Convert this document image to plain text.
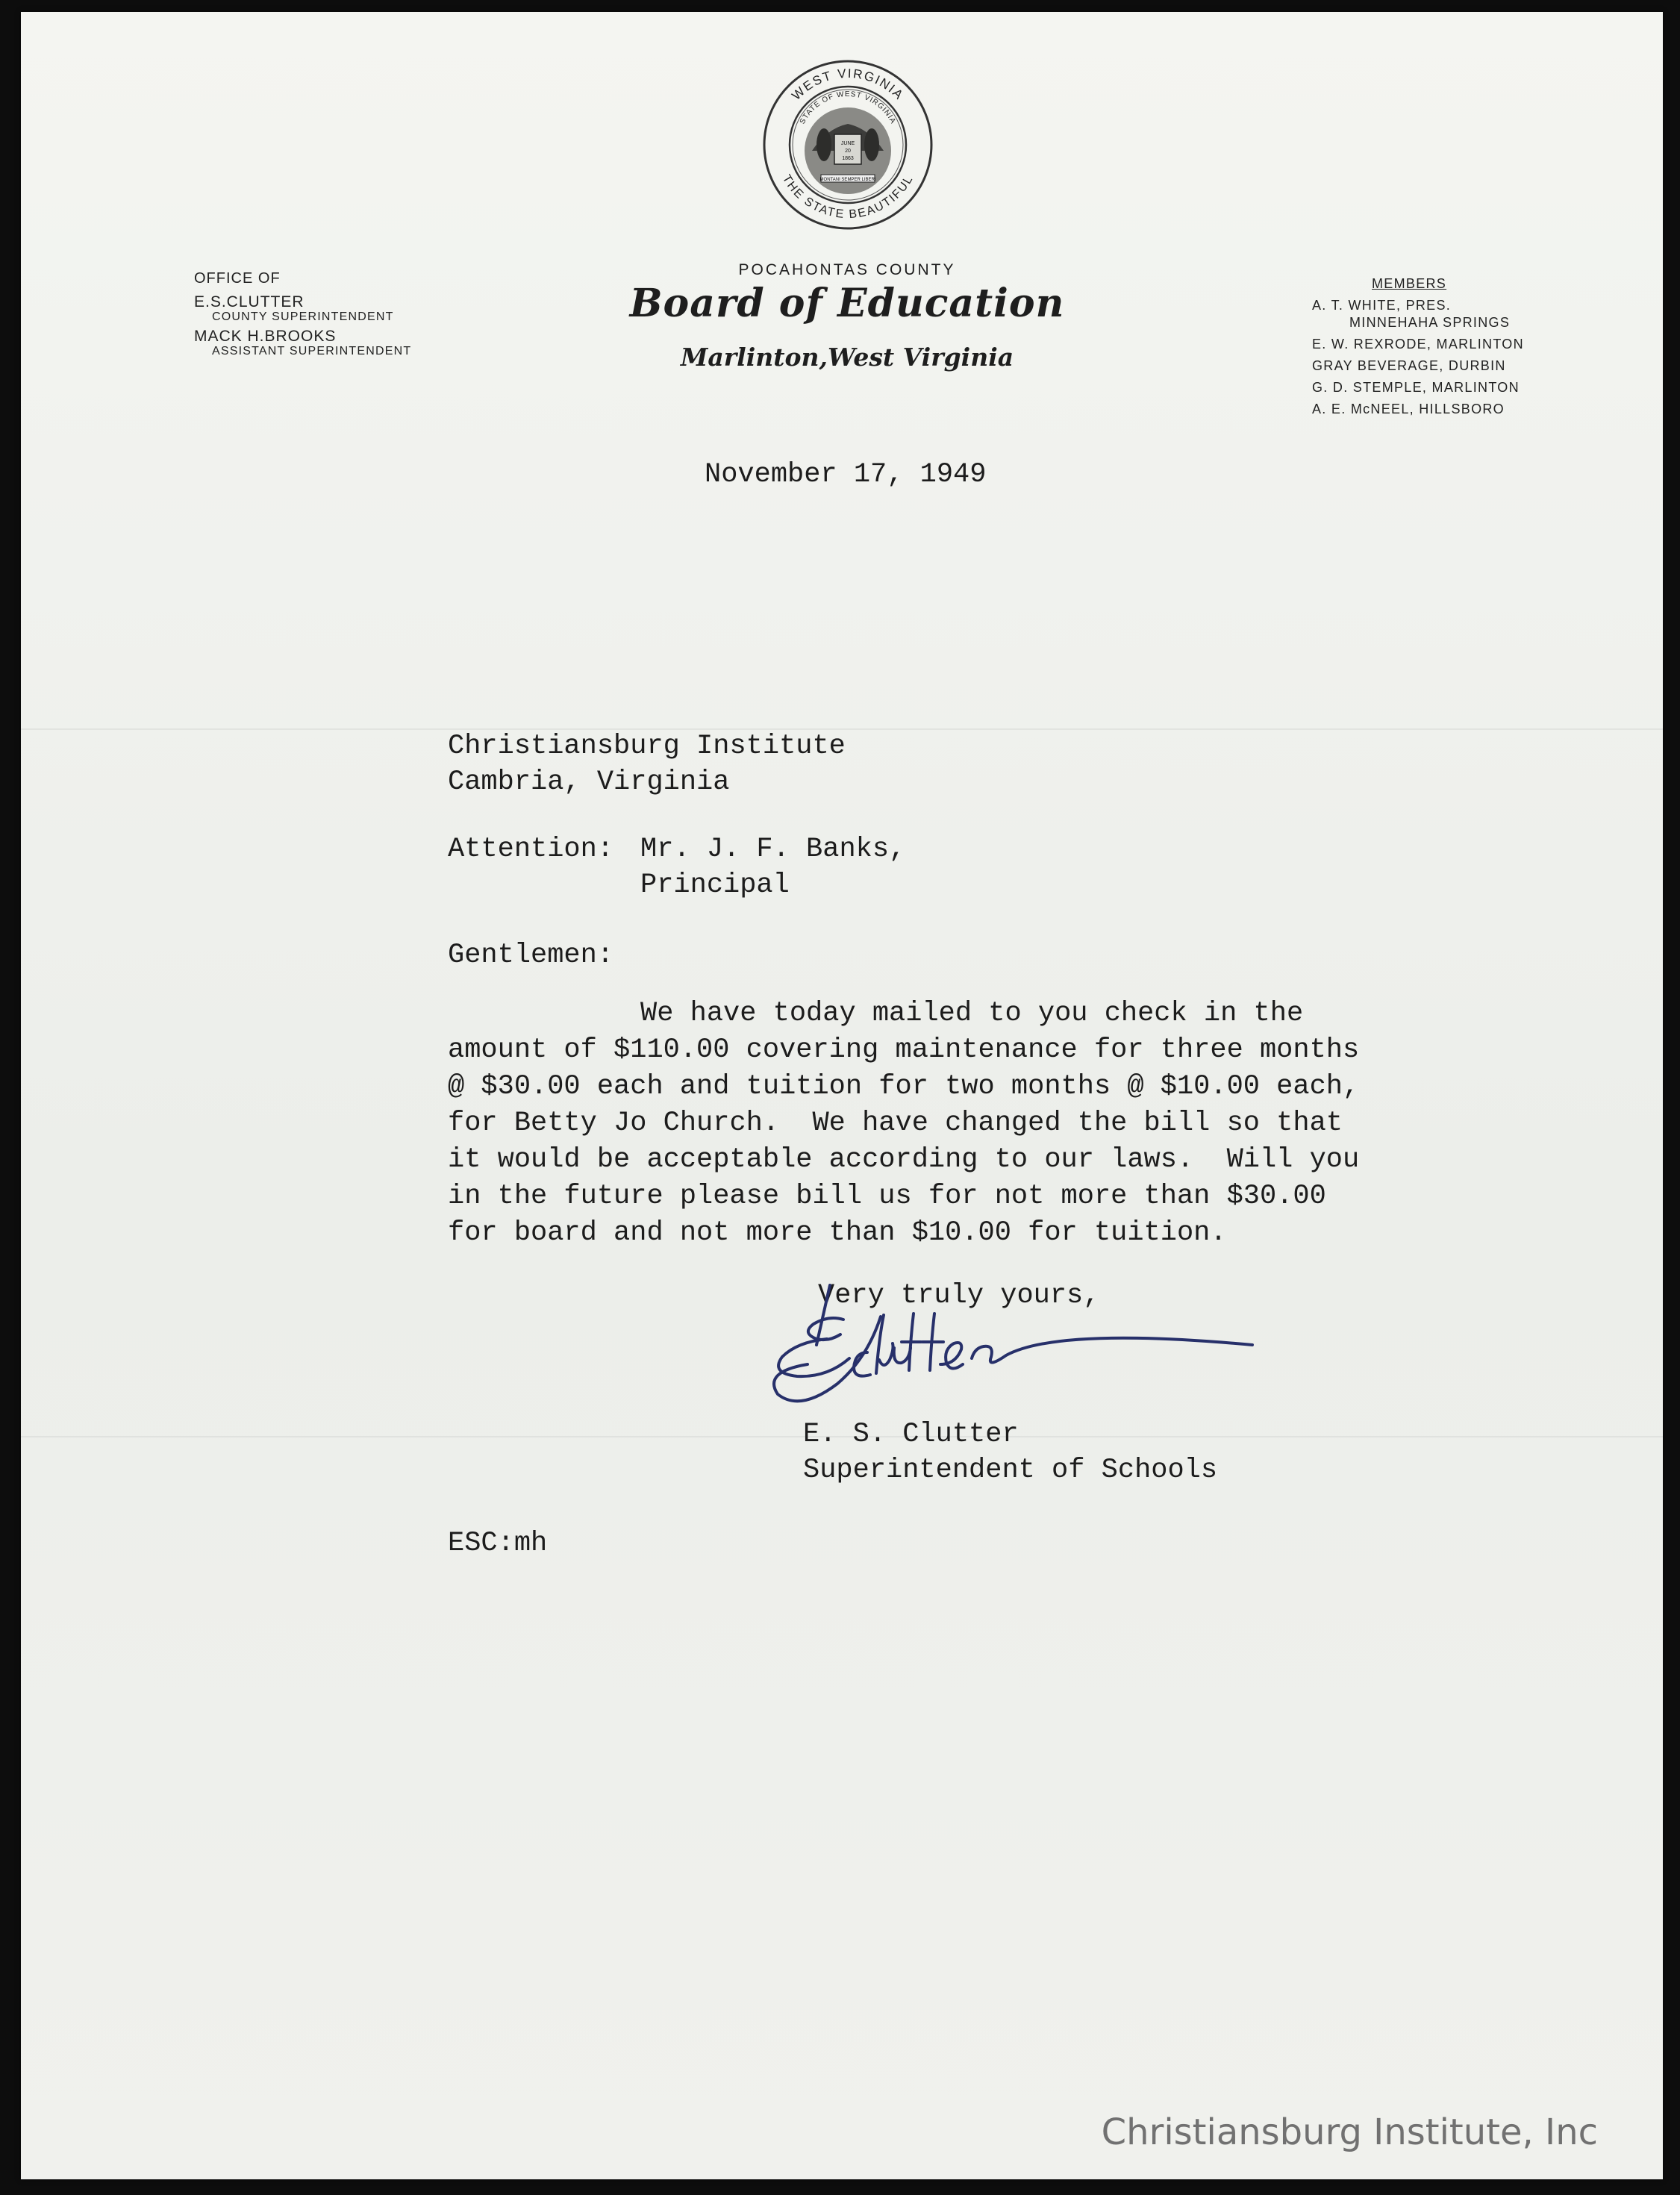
WEST VIRGINIA
THE STATE BEAUTIFUL
STATE OF WEST VIRGINIA
JUNE
20
1863
MONTANI SEMPER LIBERI
OFFICE OF
E.S.CLUTTER
COUNTY SUPERINTENDENT
MACK H.BROOKS
ASSISTANT SUPERINTENDENT
POCAHONTAS COUNTY
Board of Education
Marlinton,West Virginia
MEMBERS
A. T. WHITE, PRES.
MINNEHAHA SPRINGS
E. W. REXRODE, MARLINTON
GRAY BEVERAGE, DURBIN
G. D. STEMPLE, MARLINTON
A. E. McNEEL, HILLSBORO
November 17, 1949
Christiansburg Institute
Cambria, Virginia
Attention: Mr. J. F. Banks,
Principal
Gentlemen:
We have today mailed to you check in the
amount of $110.00 covering maintenance for three months
@ $30.00 each and tuition for two months @ $10.00 each,
for Betty Jo Church.  We have changed the bill so that
it would be acceptable according to our laws.  Will you
in the future please bill us for not more than $30.00
for board and not more than $10.00 for tuition.
Very truly yours,
E. S. Clutter
Superintendent of Schools
ESC:mh
Christiansburg Institute, Inc
